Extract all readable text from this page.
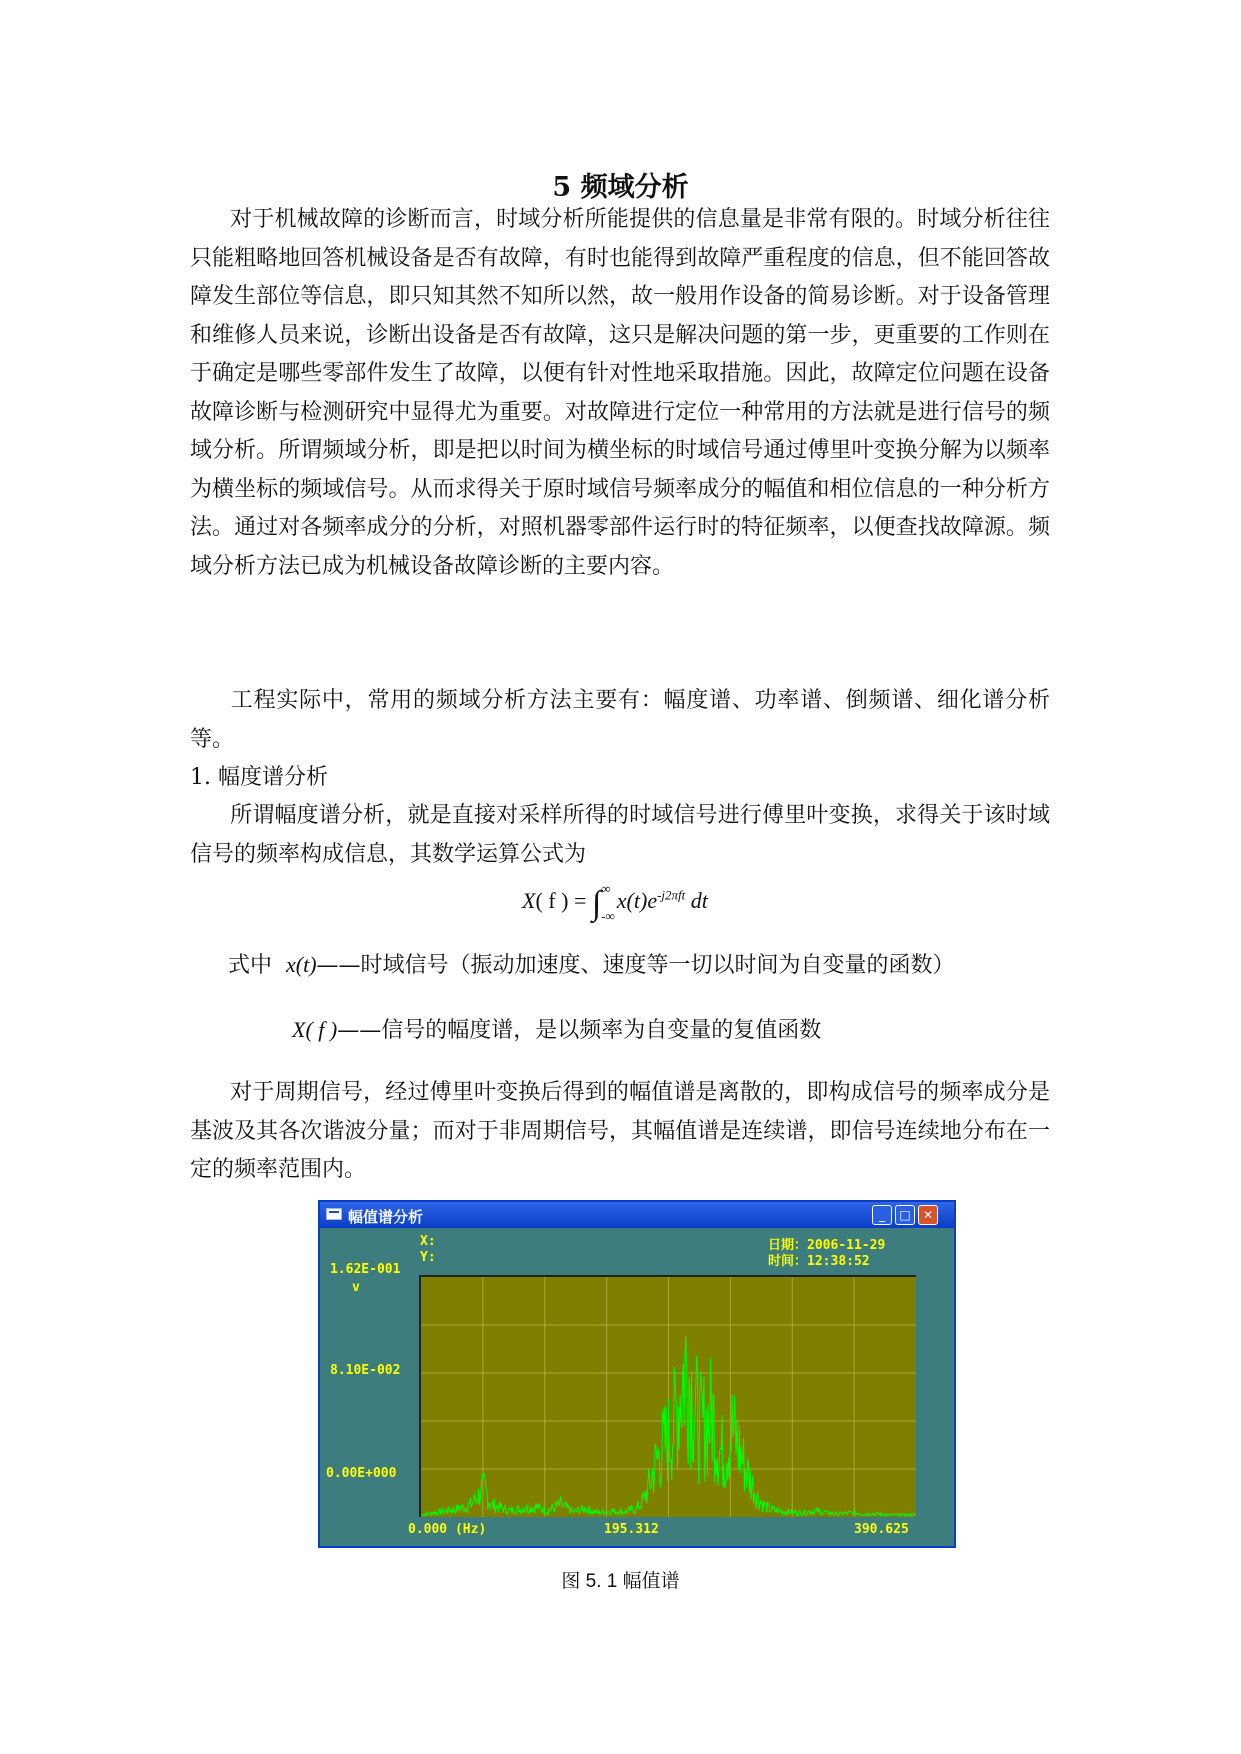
5 频域分析
对于机械故障的诊断而言，时域分析所能提供的信息量是非常有限的。时域分析往往只能粗略地回答机械设备是否有故障，有时也能得到故障严重程度的信息，但不能回答故障发生部位等信息，即只知其然不知所以然，故一般用作设备的简易诊断。对于设备管理和维修人员来说，诊断出设备是否有故障，这只是解决问题的第一步，更重要的工作则在于确定是哪些零部件发生了故障，以便有针对性地采取措施。因此，故障定位问题在设备故障诊断与检测研究中显得尤为重要。对故障进行定位一种常用的方法就是进行信号的频域分析。所谓频域分析，即是把以时间为横坐标的时域信号通过傅里叶变换分解为以频率为横坐标的频域信号。从而求得关于原时域信号频率成分的幅值和相位信息的一种分析方法。通过对各频率成分的分析，对照机器零部件运行时的特征频率，以便查找故障源。频域分析方法已成为机械设备故障诊断的主要内容。
工程实际中，常用的频域分析方法主要有：幅度谱、功率谱、倒频谱、细化谱分析等。
1. 幅度谱分析
所谓幅度谱分析，就是直接对采样所得的时域信号进行傅里叶变换，求得关于该时域信号的频率构成信息，其数学运算公式为
X( f ) = ∫∞
$_{-\infty}x(t)e^{-j2\pi ft}$ dt
式中 x(t)——时域信号（振动加速度、速度等一切以时间为自变量的函数）
X( f )——信号的幅度谱，是以频率为自变量的复值函数
对于周期信号，经过傅里叶变换后得到的幅值谱是离散的，即构成信号的频率成分是基波及其各次谐波分量；而对于非周期信号，其幅值谱是连续谱，即信号连续地分布在一定的频率范围内。
幅值谱分析	_	□	✕
X:
Y:
日期：2006-11-29
时间：12:38:52
1.62E-001
v
8.10E-002
0.00E+000
0.000 (Hz)	195.312	390.625
图 5. 1 幅值谱
